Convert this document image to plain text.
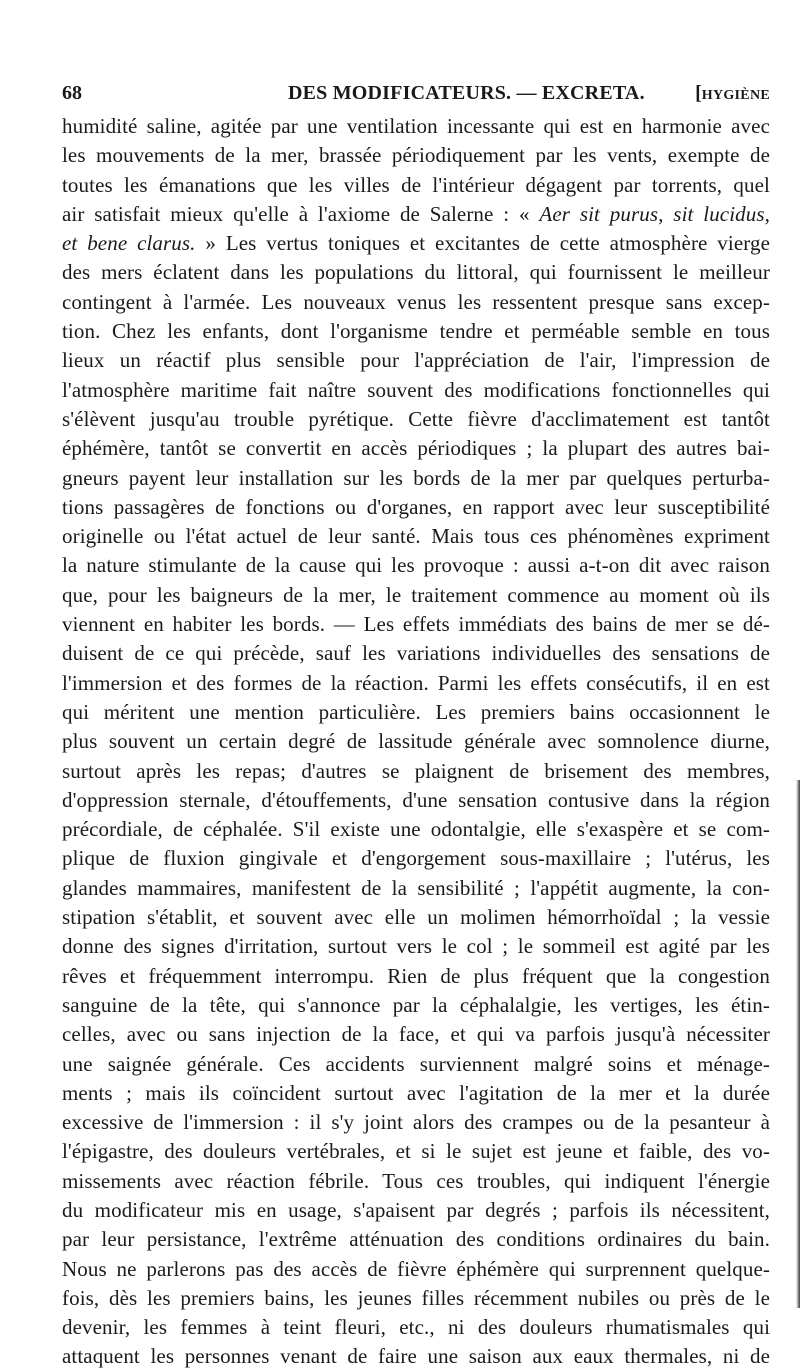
68	DES MODIFICATEURS. — EXCRETA.	[HYGIÈNE
humidité saline, agitée par une ventilation incessante qui est en harmonie avec
les mouvements de la mer, brassée périodiquement par les vents, exempte de
toutes les émanations que les villes de l'intérieur dégagent par torrents, quel
air satisfait mieux qu'elle à l'axiome de Salerne : « Aer sit purus, sit lucidus,
et bene clarus. » Les vertus toniques et excitantes de cette atmosphère vierge
des mers éclatent dans les populations du littoral, qui fournissent le meilleur
contingent à l'armée. Les nouveaux venus les ressentent presque sans excep-
tion. Chez les enfants, dont l'organisme tendre et perméable semble en tous
lieux un réactif plus sensible pour l'appréciation de l'air, l'impression de
l'atmosphère maritime fait naître souvent des modifications fonctionnelles qui
s'élèvent jusqu'au trouble pyrétique. Cette fièvre d'acclimatement est tantôt
éphémère, tantôt se convertit en accès périodiques ; la plupart des autres bai-
gneurs payent leur installation sur les bords de la mer par quelques perturba-
tions passagères de fonctions ou d'organes, en rapport avec leur susceptibilité
originelle ou l'état actuel de leur santé. Mais tous ces phénomènes expriment
la nature stimulante de la cause qui les provoque : aussi a-t-on dit avec raison
que, pour les baigneurs de la mer, le traitement commence au moment où ils
viennent en habiter les bords. — Les effets immédiats des bains de mer se dé-
duisent de ce qui précède, sauf les variations individuelles des sensations de
l'immersion et des formes de la réaction. Parmi les effets consécutifs, il en est
qui méritent une mention particulière. Les premiers bains occasionnent le
plus souvent un certain degré de lassitude générale avec somnolence diurne,
surtout après les repas; d'autres se plaignent de brisement des membres,
d'oppression sternale, d'étouffements, d'une sensation contusive dans la région
précordiale, de céphalée. S'il existe une odontalgie, elle s'exaspère et se com-
plique de fluxion gingivale et d'engorgement sous-maxillaire ; l'utérus, les
glandes mammaires, manifestent de la sensibilité ; l'appétit augmente, la con-
stipation s'établit, et souvent avec elle un molimen hémorrhoïdal ; la vessie
donne des signes d'irritation, surtout vers le col ; le sommeil est agité par les
rêves et fréquemment interrompu. Rien de plus fréquent que la congestion
sanguine de la tête, qui s'annonce par la céphalalgie, les vertiges, les étin-
celles, avec ou sans injection de la face, et qui va parfois jusqu'à nécessiter
une saignée générale. Ces accidents surviennent malgré soins et ménage-
ments ; mais ils coïncident surtout avec l'agitation de la mer et la durée
excessive de l'immersion : il s'y joint alors des crampes ou de la pesanteur à
l'épigastre, des douleurs vertébrales, et si le sujet est jeune et faible, des vo-
missements avec réaction fébrile. Tous ces troubles, qui indiquent l'énergie
du modificateur mis en usage, s'apaisent par degrés ; parfois ils nécessitent,
par leur persistance, l'extrême atténuation des conditions ordinaires du bain.
Nous ne parlerons pas des accès de fièvre éphémère qui surprennent quelque-
fois, dès les premiers bains, les jeunes filles récemment nubiles ou près de le
devenir, les femmes à teint fleuri, etc., ni des douleurs rhumatismales qui
attaquent les personnes venant de faire une saison aux eaux thermales, ni de
